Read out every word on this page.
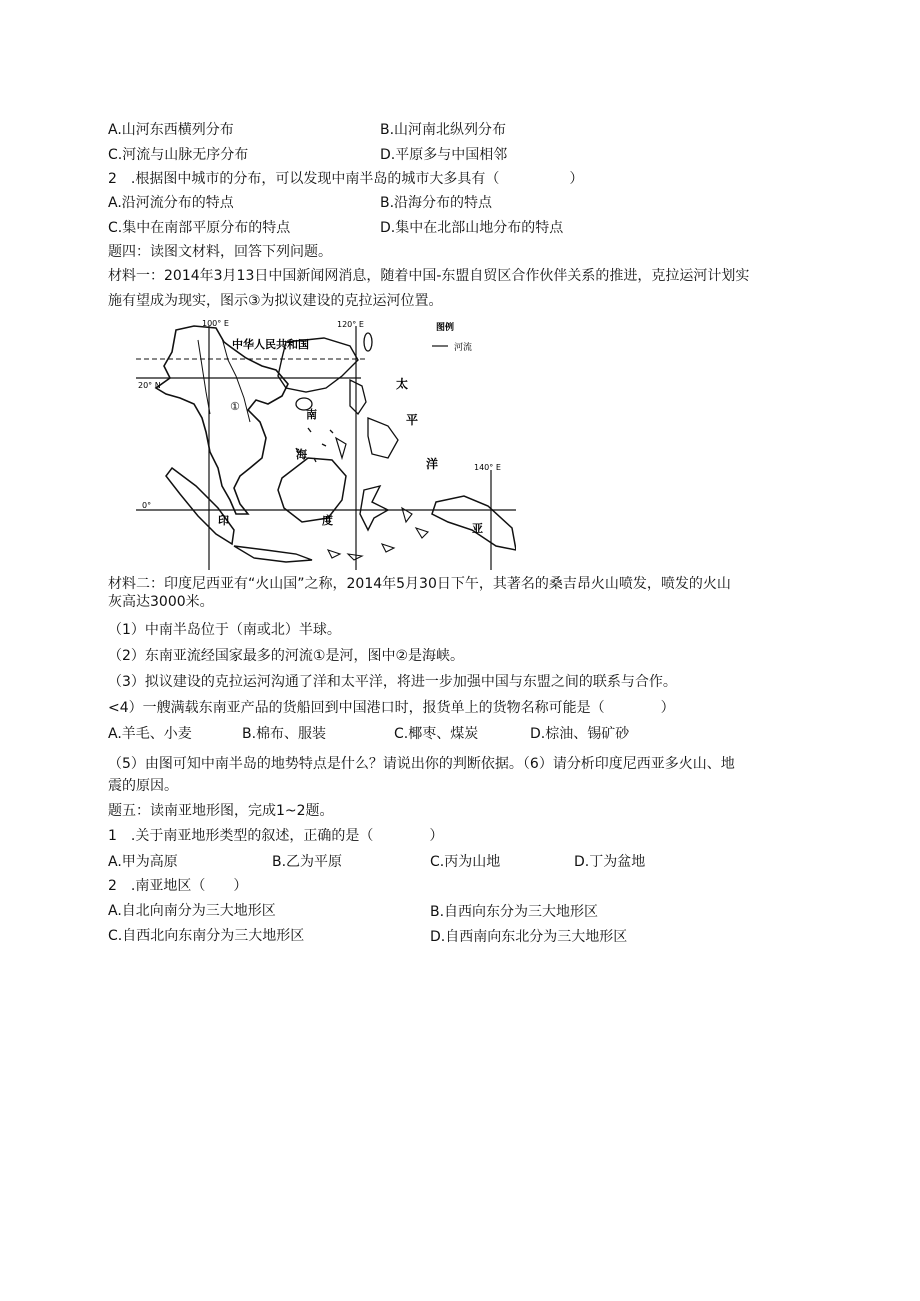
A.山河东西横列分布	B.山河南北纵列分布
C.河流与山脉无序分布	D.平原多与中国相邻
2　.根据图中城市的分布，可以发现中南半岛的城市大多具有（　　　　　）
A.沿河流分布的特点	B.沿海分布的特点
C.集中在南部平原分布的特点	D.集中在北部山地分布的特点
题四：读图文材料，回答下列问题。
材料一：2014年3月13日中国新闻网消息，随着中国-东盟自贸区合作伙伴关系的推进，克拉运河计划实
施有望成为现实，图示③为拟议建设的克拉运河位置。
100° E	120° E
140° E
20° N
0°
中华人民共和国
图例
河流
①
南
海
太
平
洋
印	度
亚
材料二：印度尼西亚有“火山国”之称，2014年5月30日下午，其著名的桑吉昂火山喷发，喷发的火山
灰高达3000米。
（1）中南半岛位于（南或北）半球。
（2）东南亚流经国家最多的河流①是河，图中②是海峡。
（3）拟议建设的克拉运河沟通了洋和太平洋，将进一步加强中国与东盟之间的联系与合作。
<4）一艘满载东南亚产品的货船回到中国港口时，报货单上的货物名称可能是（　　　　）
A.羊毛、小麦	B.棉布、服装	C.椰枣、煤炭	D.棕油、锡矿砂
（5）由图可知中南半岛的地势特点是什么？请说出你的判断依据。（6）请分析印度尼西亚多火山、地
震的原因。
题五：读南亚地形图，完成1~2题。
1　.关于南亚地形类型的叙述，正确的是（　　　　）
A.甲为高原	B.乙为平原	C.丙为山地	D.丁为盆地
2　.南亚地区（　　）
A.自北向南分为三大地形区	B.自西向东分为三大地形区
C.自西北向东南分为三大地形区	D.自西南向东北分为三大地形区
